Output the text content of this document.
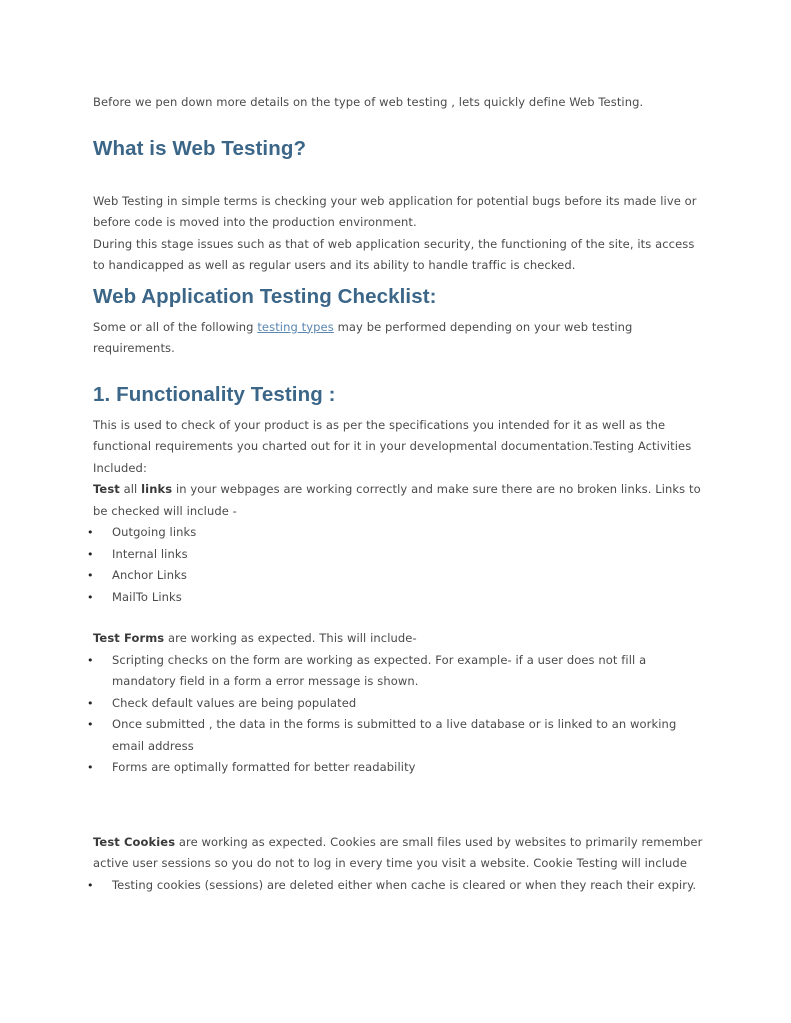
Before we pen down more details on the type of web testing , lets quickly define Web Testing.

What is Web Testing?

Web Testing in simple terms is checking your web application for potential bugs before its made live or before code is moved into the production environment.

During this stage issues such as that of web application security, the functioning of the site, its access to handicapped as well as regular users and its ability to handle traffic is checked.

Web Application Testing Checklist:

Some or all of the following testing types may be performed depending on your web testing requirements.

1. Functionality Testing :

This is used to check of your product is as per the specifications you intended for it as well as the functional requirements you charted out for it in your developmental documentation.Testing Activities Included:

Test all links in your webpages are working correctly and make sure there are no broken links. Links to be checked will include -

• Outgoing links
• Internal links
• Anchor Links
• MailTo Links

Test Forms are working as expected. This will include-

• Scripting checks on the form are working as expected. For example- if a user does not fill a mandatory field in a form a error message is shown.
• Check default values are being populated
• Once submitted , the data in the forms is submitted to a live database or is linked to an working email address
• Forms are optimally formatted for better readability

Test Cookies are working as expected. Cookies are small files used by websites to primarily remember active user sessions so you do not to log in every time you visit a website. Cookie Testing will include

• Testing cookies (sessions) are deleted either when cache is cleared or when they reach their expiry.
